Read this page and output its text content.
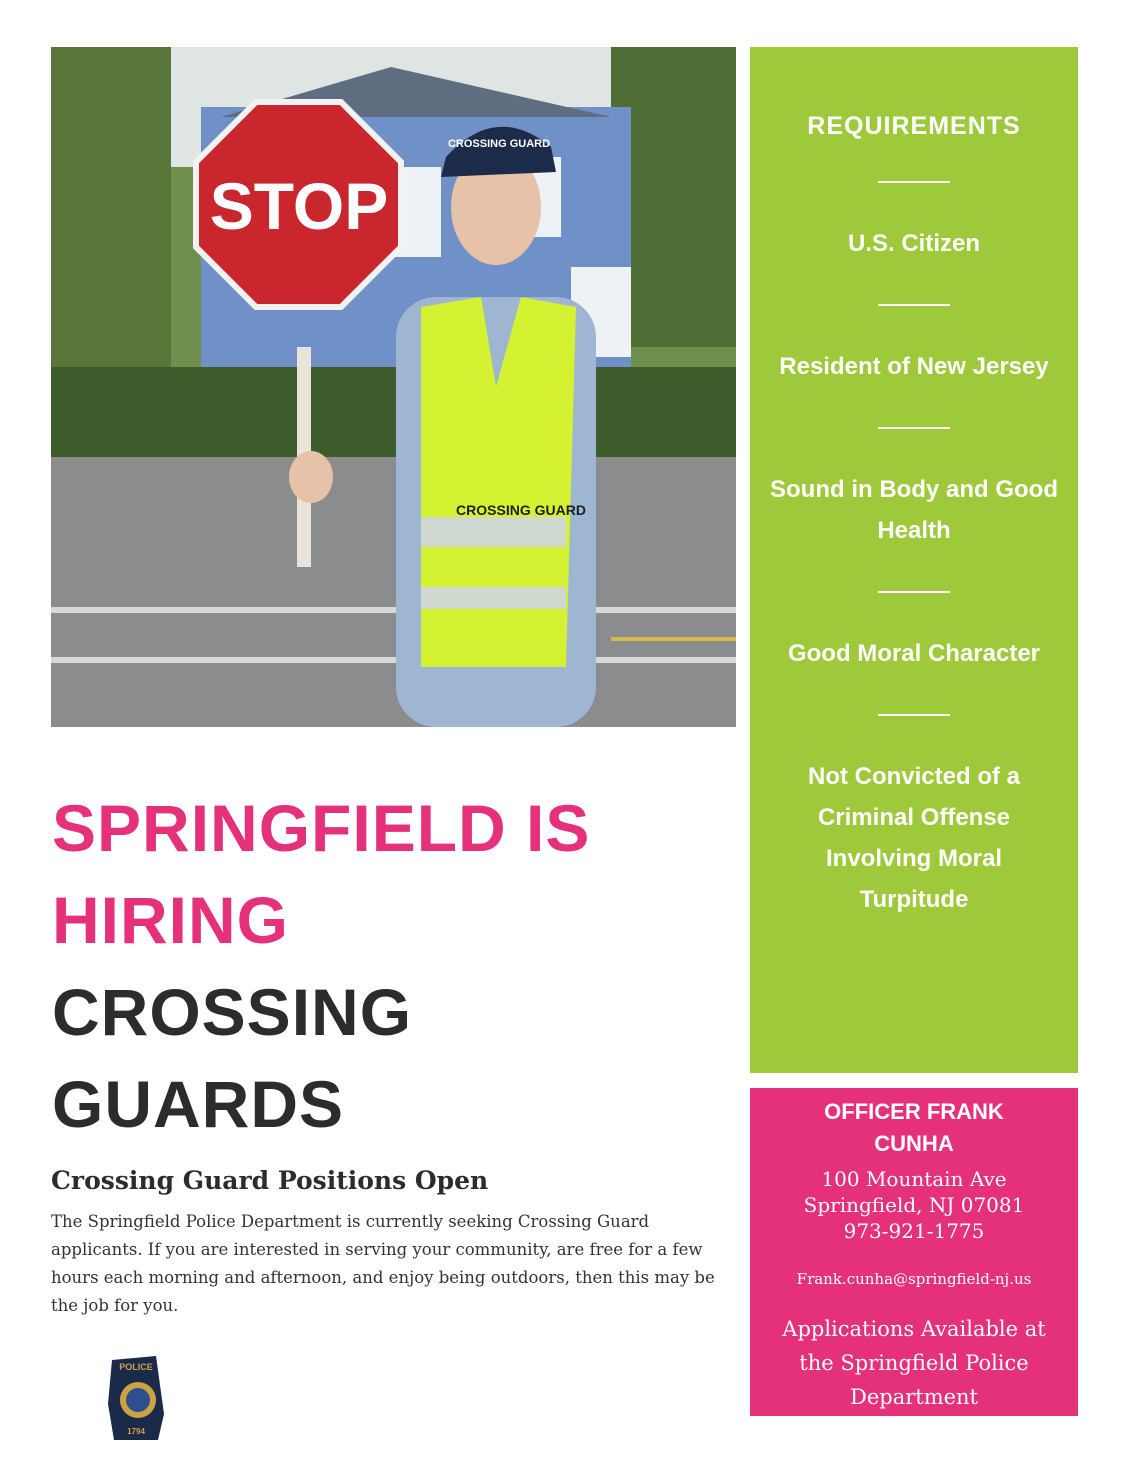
STOP
CROSSING GUARD
CROSSING GUARD

REQUIREMENTS

U.S. Citizen

Resident of New Jersey

Sound in Body and Good Health

Good Moral Character

Not Convicted of a Criminal Offense Involving Moral Turpitude

OFFICER FRANK CUNHA

100 Mountain Ave
Springfield, NJ 07081
973-921-1775
Frank.cunha@springfield-nj.us

Applications Available at the Springfield Police Department

SPRINGFIELD IS
HIRING
CROSSING
GUARDS
Crossing Guard Positions Open

The Springfield Police Department is currently seeking Crossing Guard applicants. If you are interested in serving your community, are free for a few hours each morning and afternoon, and enjoy being outdoors, then this may be the job for you.

POLICE
1794
